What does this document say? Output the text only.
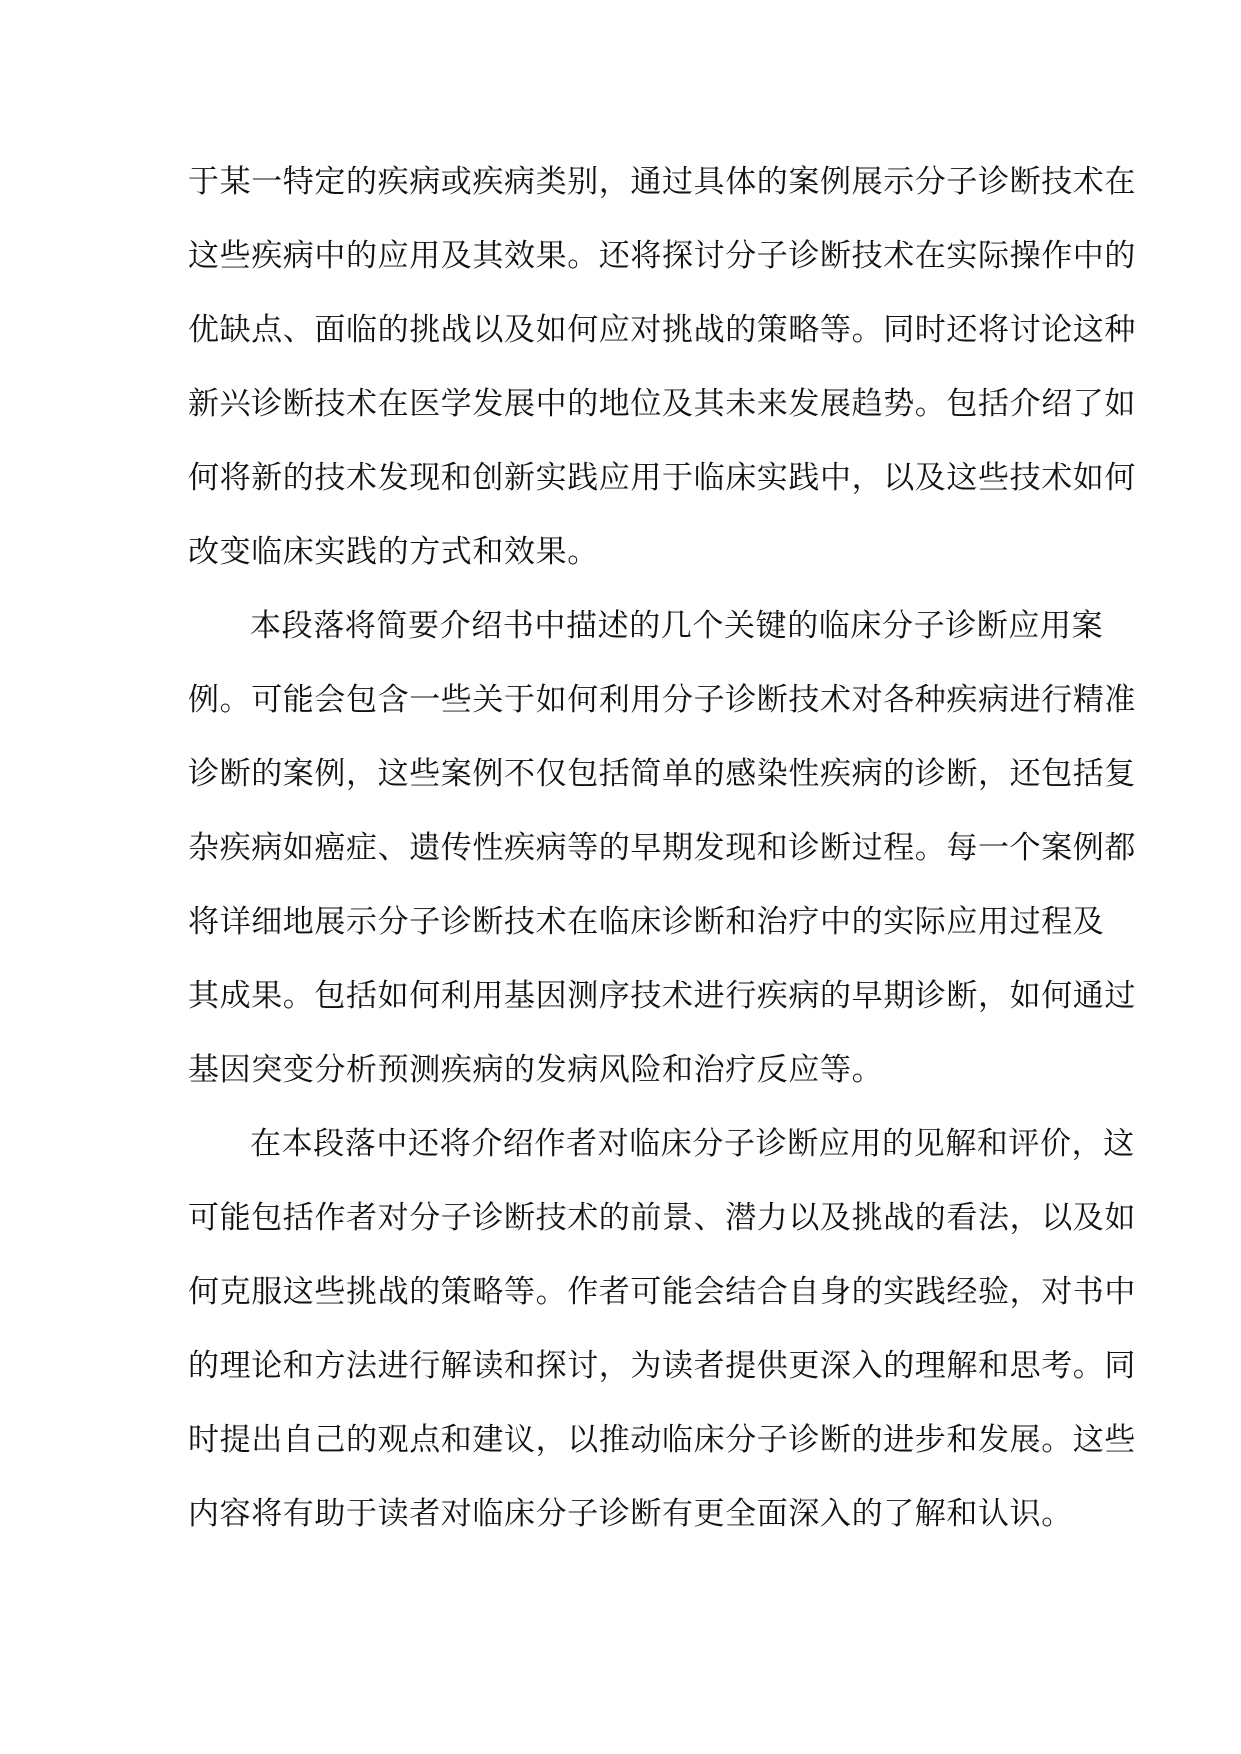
于某一特定的疾病或疾病类别，通过具体的案例展示分子诊断技术在
这些疾病中的应用及其效果。还将探讨分子诊断技术在实际操作中的
优缺点、面临的挑战以及如何应对挑战的策略等。同时还将讨论这种
新兴诊断技术在医学发展中的地位及其未来发展趋势。包括介绍了如
何将新的技术发现和创新实践应用于临床实践中，以及这些技术如何
改变临床实践的方式和效果。
本段落将简要介绍书中描述的几个关键的临床分子诊断应用案
例。可能会包含一些关于如何利用分子诊断技术对各种疾病进行精准
诊断的案例，这些案例不仅包括简单的感染性疾病的诊断，还包括复
杂疾病如癌症、遗传性疾病等的早期发现和诊断过程。每一个案例都
将详细地展示分子诊断技术在临床诊断和治疗中的实际应用过程及
其成果。包括如何利用基因测序技术进行疾病的早期诊断，如何通过
基因突变分析预测疾病的发病风险和治疗反应等。
在本段落中还将介绍作者对临床分子诊断应用的见解和评价，这
可能包括作者对分子诊断技术的前景、潜力以及挑战的看法，以及如
何克服这些挑战的策略等。作者可能会结合自身的实践经验，对书中
的理论和方法进行解读和探讨，为读者提供更深入的理解和思考。同
时提出自己的观点和建议，以推动临床分子诊断的进步和发展。这些
内容将有助于读者对临床分子诊断有更全面深入的了解和认识。
